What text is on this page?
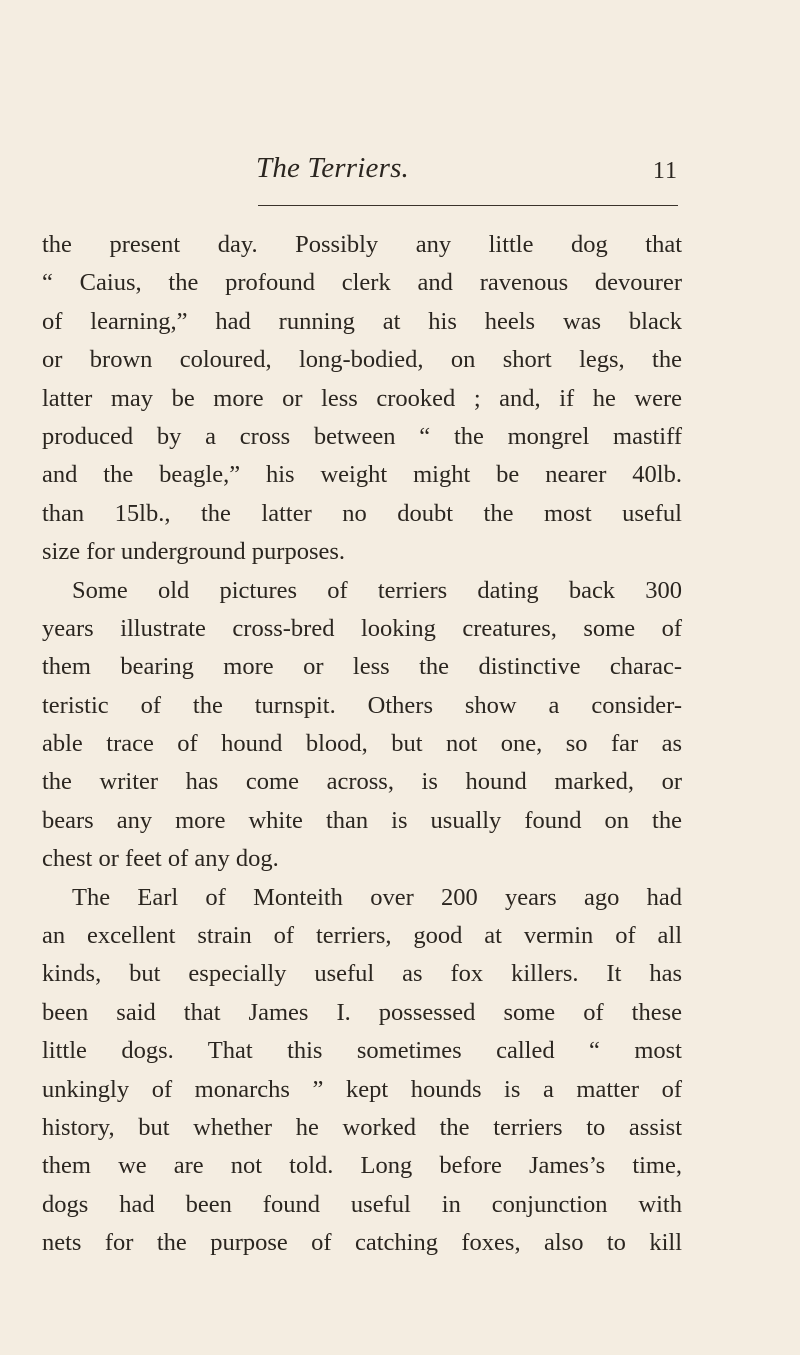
The Terriers.	11
the present day. Possibly any little dog that
“ Caius, the profound clerk and ravenous devourer
of learning,” had running at his heels was black
or brown coloured, long-bodied, on short legs, the
latter may be more or less crooked ; and, if he were
produced by a cross between “ the mongrel mastiff
and the beagle,” his weight might be nearer 40lb.
than 15lb., the latter no doubt the most useful
size for underground purposes.
Some old pictures of terriers dating back 300
years illustrate cross-bred looking creatures, some of
them bearing more or less the distinctive charac-
teristic of the turnspit. Others show a consider-
able trace of hound blood, but not one, so far as
the writer has come across, is hound marked, or
bears any more white than is usually found on the
chest or feet of any dog.
The Earl of Monteith over 200 years ago had
an excellent strain of terriers, good at vermin of all
kinds, but especially useful as fox killers. It has
been said that James I. possessed some of these
little dogs. That this sometimes called “ most
unkingly of monarchs ” kept hounds is a matter of
history, but whether he worked the terriers to assist
them we are not told. Long before James’s time,
dogs had been found useful in conjunction with
nets for the purpose of catching foxes, also to kill
